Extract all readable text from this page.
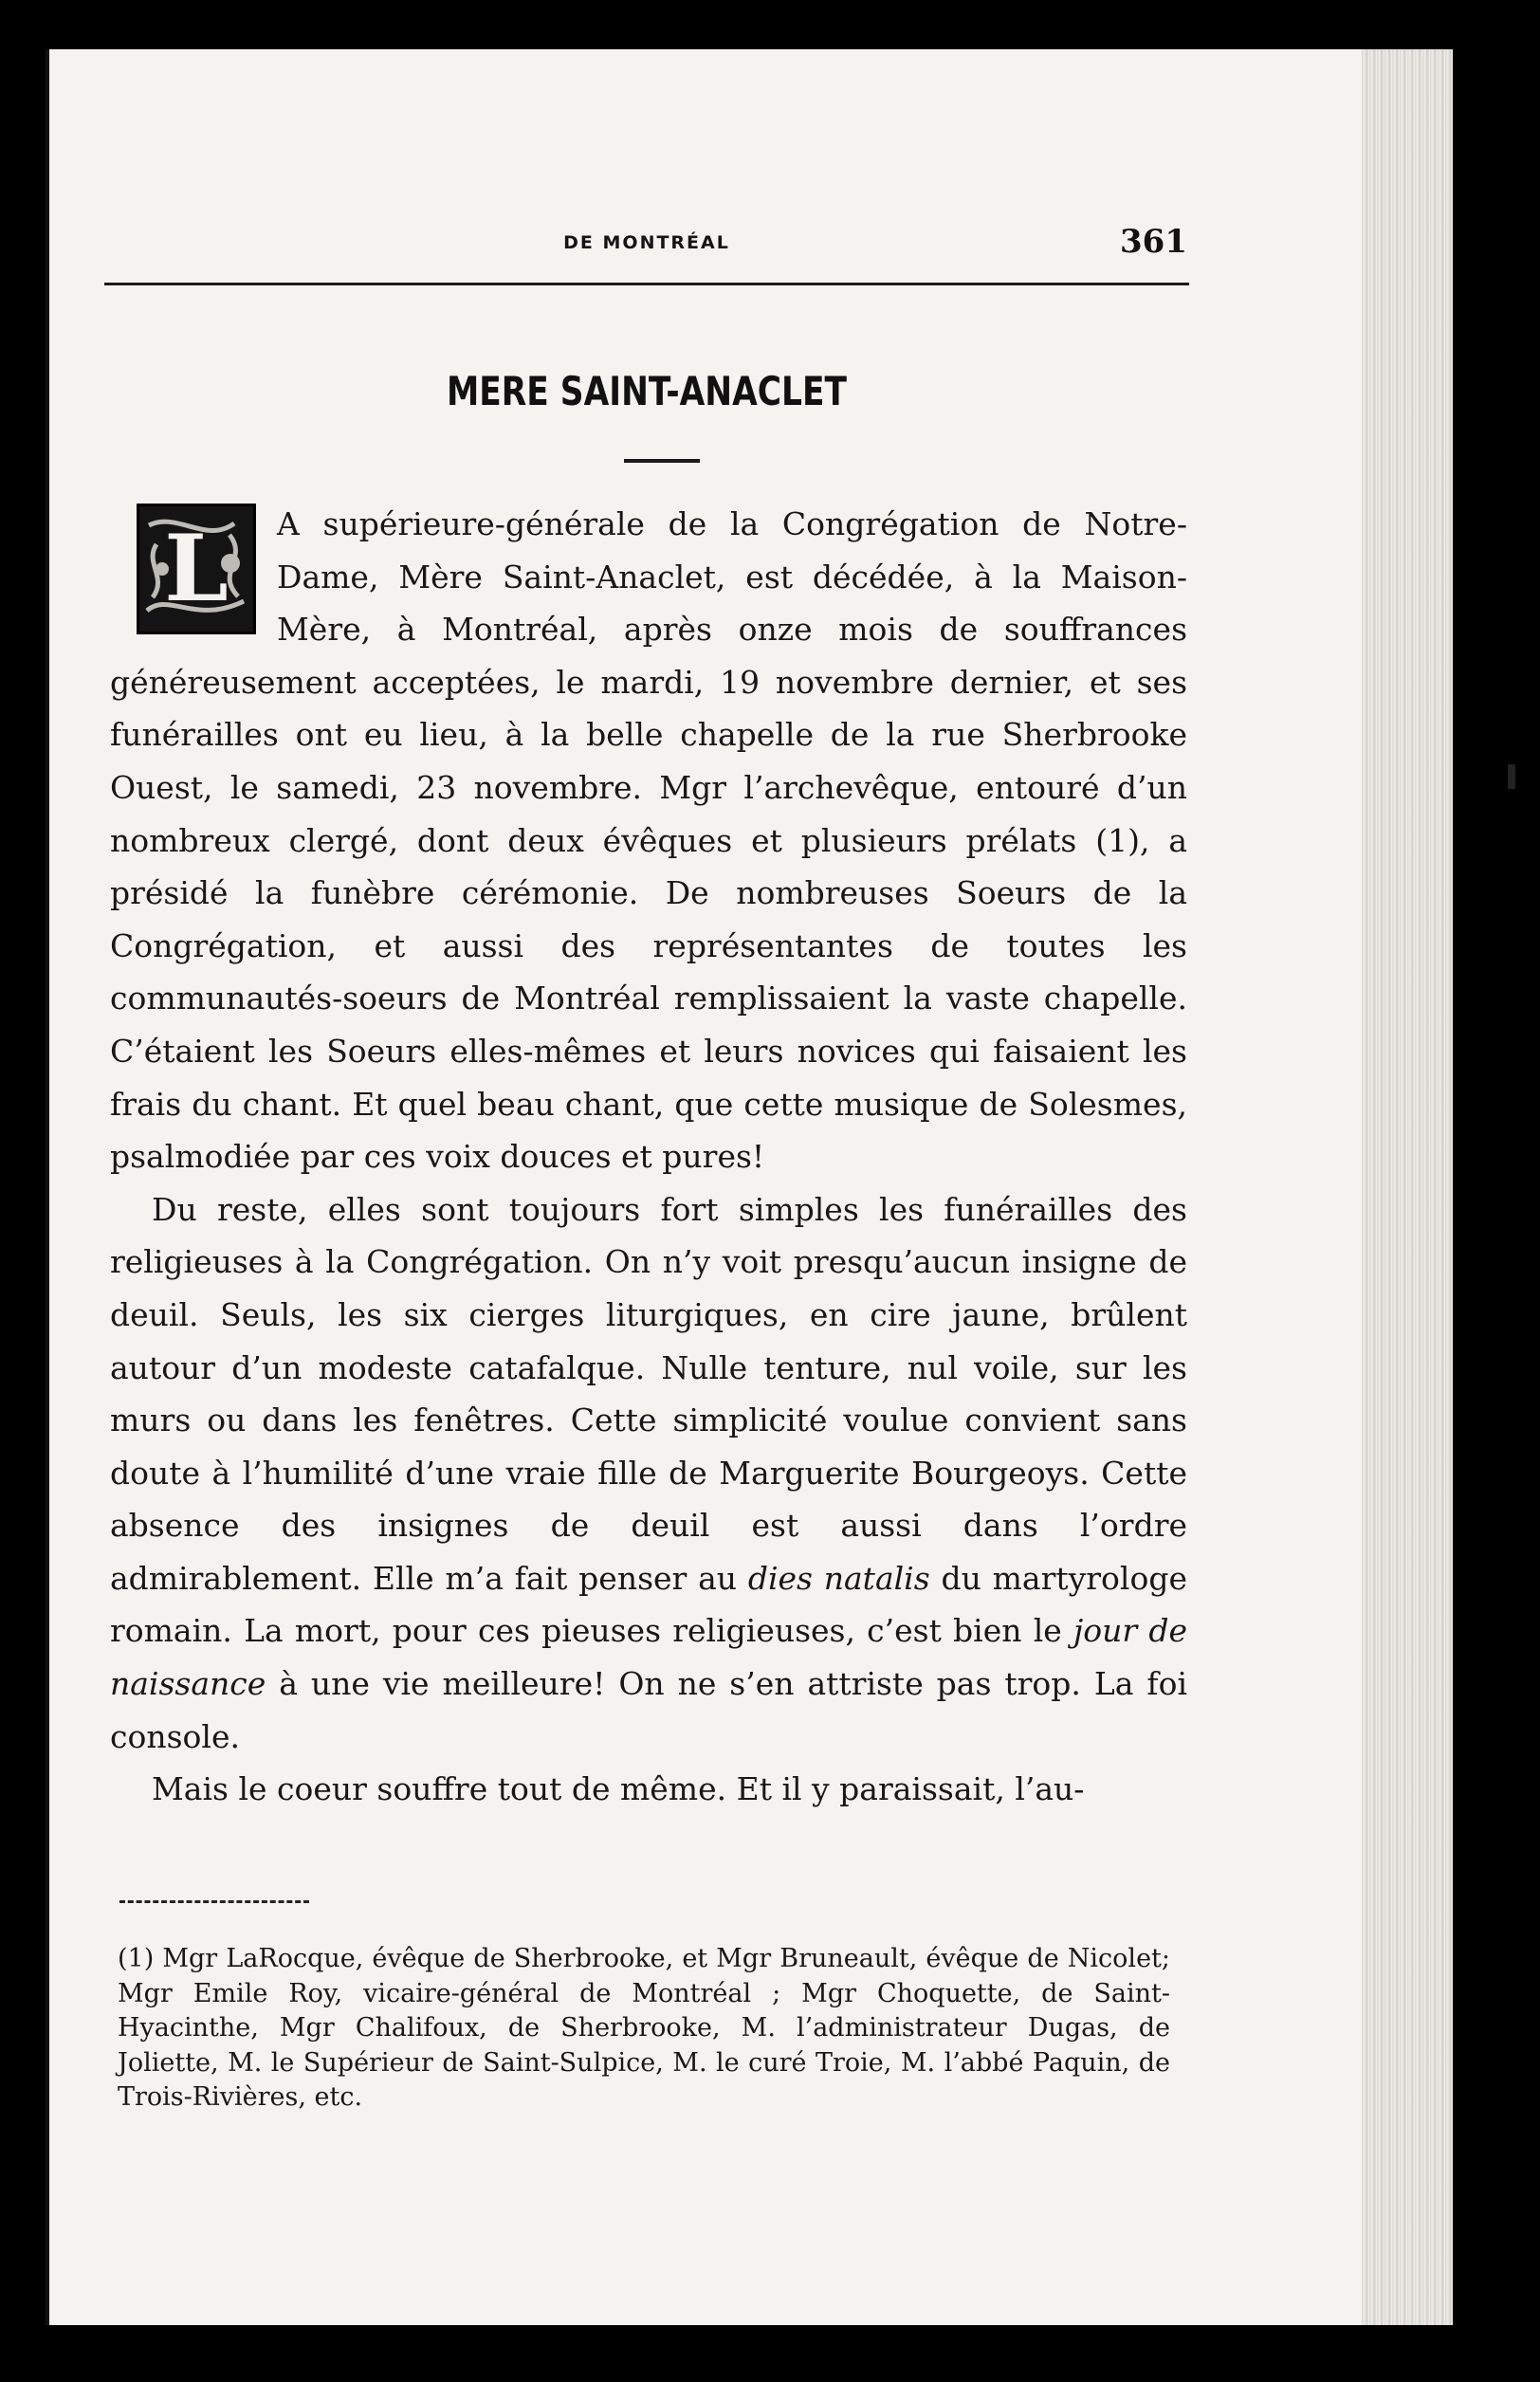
DE MONTRÉAL	361
MERE SAINT-ANACLET

L	A supérieure-générale de la Congrégation de Notre-Dame, Mère Saint-Anaclet, est décédée, à la Maison-Mère, à Montréal, après onze mois de souffrances généreusement acceptées, le mardi, 19 novembre dernier, et ses funérailles ont eu lieu, à la belle chapelle de la rue Sherbrooke Ouest, le samedi, 23 novembre. Mgr l’archevêque, entouré d’un nombreux clergé, dont deux évêques et plusieurs prélats (1), a présidé la funèbre cérémonie. De nombreuses Soeurs de la Congrégation, et aussi des représentantes de toutes les communautés-soeurs de Montréal remplissaient la vaste chapelle. C’étaient les Soeurs elles-mêmes et leurs novices qui faisaient les frais du chant. Et quel beau chant, que cette musique de Solesmes, psalmodiée par ces voix douces et pures!

Du reste, elles sont toujours fort simples les funérailles des religieuses à la Congrégation. On n’y voit presqu’aucun insigne de deuil. Seuls, les six cierges liturgiques, en cire jaune, brûlent autour d’un modeste catafalque. Nulle tenture, nul voile, sur les murs ou dans les fenêtres. Cette simplicité voulue convient sans doute à l’humilité d’une vraie fille de Marguerite Bourgeoys. Cette absence des insignes de deuil est aussi dans l’ordre admirablement. Elle m’a fait penser au dies natalis du martyrologe romain. La mort, pour ces pieuses religieuses, c’est bien le jour de naissance à une vie meilleure! On ne s’en attriste pas trop. La foi console.

Mais le coeur souffre tout de même. Et il y paraissait, l’au-

(1) Mgr LaRocque, évêque de Sherbrooke, et Mgr Bruneault, évêque de Nicolet; Mgr Emile Roy, vicaire-général de Montréal ; Mgr Choquette, de Saint-Hyacinthe, Mgr Chalifoux, de Sherbrooke, M. l’administrateur Dugas, de Joliette, M. le Supérieur de Saint-Sulpice, M. le curé Troie, M. l’abbé Paquin, de Trois-Rivières, etc.
